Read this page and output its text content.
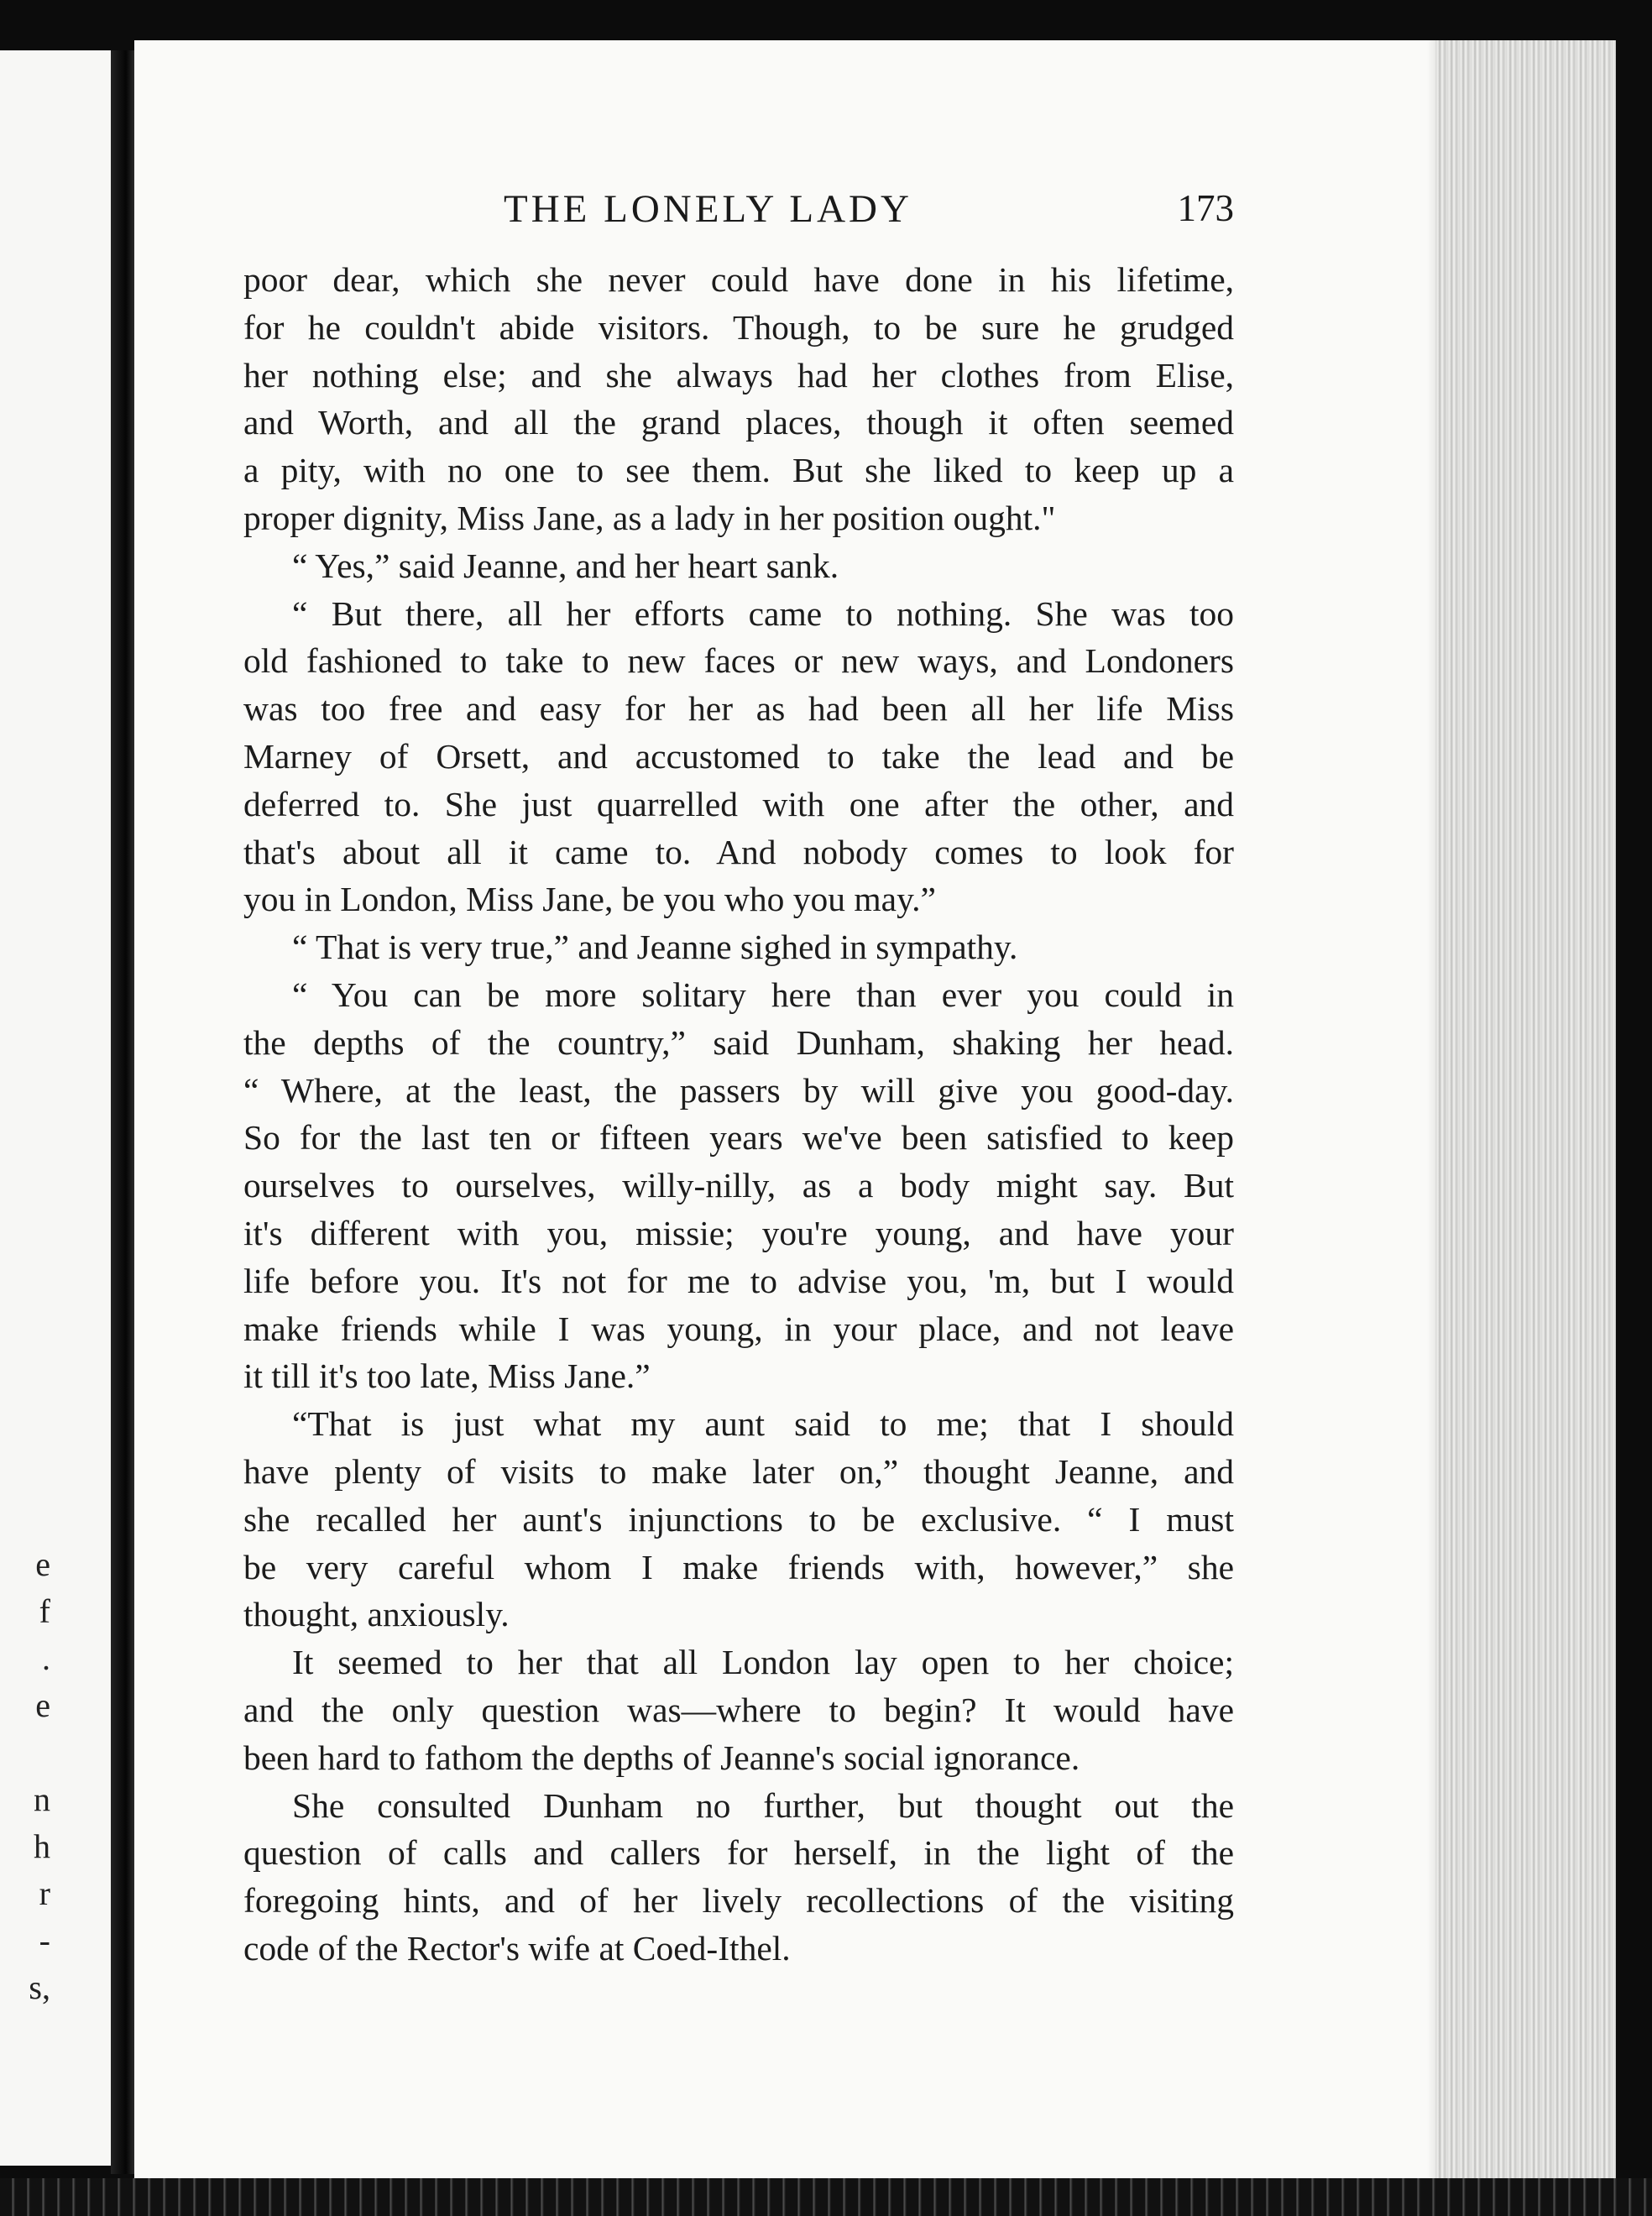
e
f
.
e
n
h
r
-
s,
THE LONELY LADY	173
poor dear, which she never could have done in his lifetime,
for he couldn't abide visitors. Though, to be sure he grudged
her nothing else; and she always had her clothes from Elise,
and Worth, and all the grand places, though it often seemed
a pity, with no one to see them. But she liked to keep up a
proper dignity, Miss Jane, as a lady in her position ought."
“ Yes,” said Jeanne, and her heart sank.
“ But there, all her efforts came to nothing. She was too
old fashioned to take to new faces or new ways, and Londoners
was too free and easy for her as had been all her life Miss
Marney of Orsett, and accustomed to take the lead and be
deferred to. She just quarrelled with one after the other, and
that's about all it came to. And nobody comes to look for
you in London, Miss Jane, be you who you may.”
“ That is very true,” and Jeanne sighed in sympathy.
“ You can be more solitary here than ever you could in
the depths of the country,” said Dunham, shaking her head.
“ Where, at the least, the passers by will give you good-day.
So for the last ten or fifteen years we've been satisfied to keep
ourselves to ourselves, willy-nilly, as a body might say. But
it's different with you, missie; you're young, and have your
life before you. It's not for me to advise you, 'm, but I would
make friends while I was young, in your place, and not leave
it till it's too late, Miss Jane.”
“That is just what my aunt said to me; that I should
have plenty of visits to make later on,” thought Jeanne, and
she recalled her aunt's injunctions to be exclusive. “ I must
be very careful whom I make friends with, however,” she
thought, anxiously.
It seemed to her that all London lay open to her choice;
and the only question was—where to begin? It would have
been hard to fathom the depths of Jeanne's social ignorance.
She consulted Dunham no further, but thought out the
question of calls and callers for herself, in the light of the
foregoing hints, and of her lively recollections of the visiting
code of the Rector's wife at Coed-Ithel.
